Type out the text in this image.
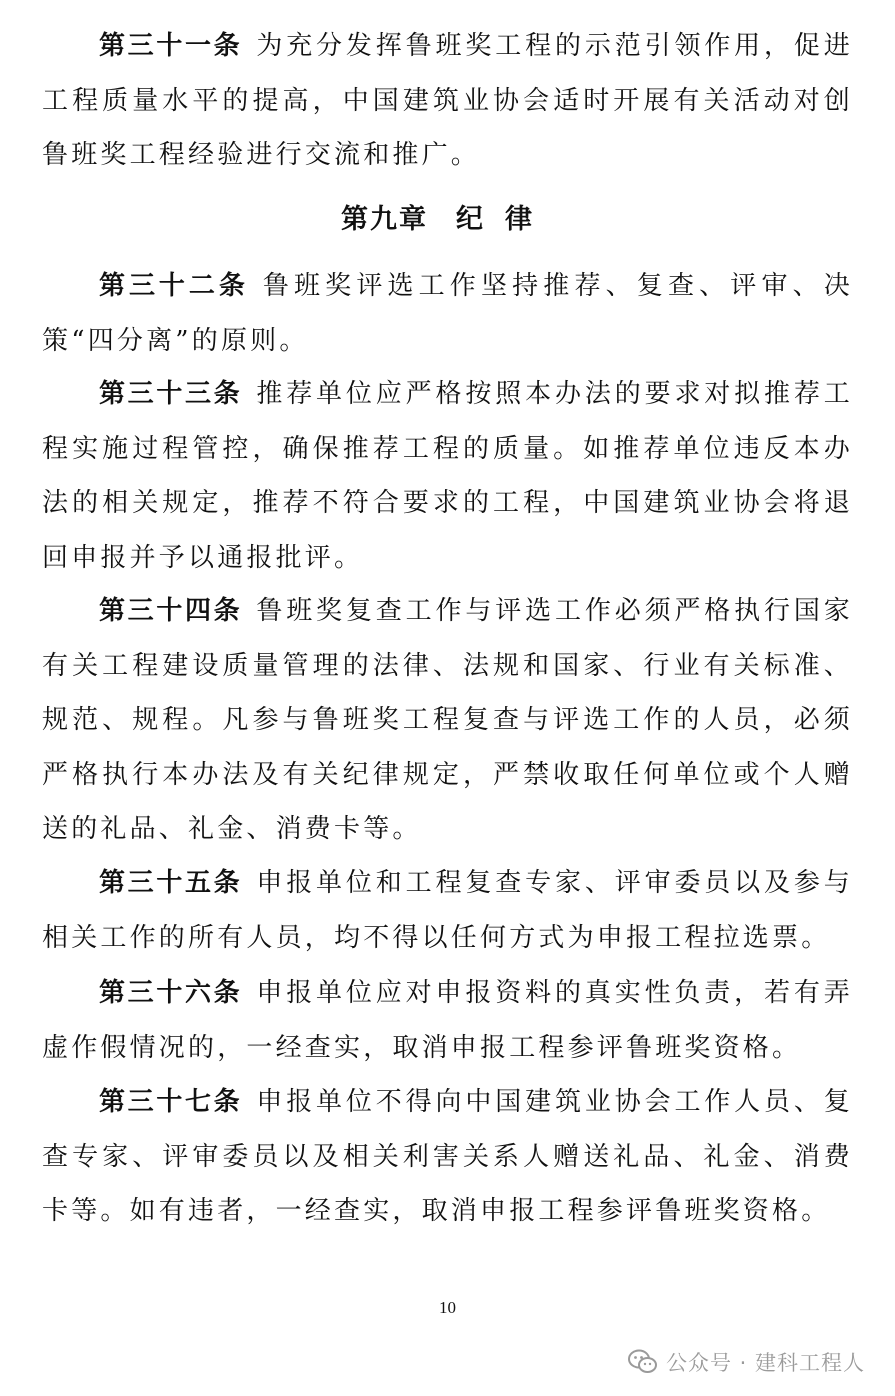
第三十一条 为充分发挥鲁班奖工程的示范引领作用，促进工程质量水平的提高，中国建筑业协会适时开展有关活动对创鲁班奖工程经验进行交流和推广。

第九章 纪律

第三十二条 鲁班奖评选工作坚持推荐、复查、评审、决策“四分离”的原则。

第三十三条 推荐单位应严格按照本办法的要求对拟推荐工程实施过程管控，确保推荐工程的质量。如推荐单位违反本办法的相关规定，推荐不符合要求的工程，中国建筑业协会将退回申报并予以通报批评。

第三十四条 鲁班奖复查工作与评选工作必须严格执行国家有关工程建设质量管理的法律、法规和国家、行业有关标准、规范、规程。凡参与鲁班奖工程复查与评选工作的人员，必须严格执行本办法及有关纪律规定，严禁收取任何单位或个人赠送的礼品、礼金、消费卡等。

第三十五条 申报单位和工程复查专家、评审委员以及参与相关工作的所有人员，均不得以任何方式为申报工程拉选票。

第三十六条 申报单位应对申报资料的真实性负责，若有弄虚作假情况的，一经查实，取消申报工程参评鲁班奖资格。

第三十七条 申报单位不得向中国建筑业协会工作人员、复查专家、评审委员以及相关利害关系人赠送礼品、礼金、消费卡等。如有违者，一经查实，取消申报工程参评鲁班奖资格。

10
公众号 · 建科工程人
